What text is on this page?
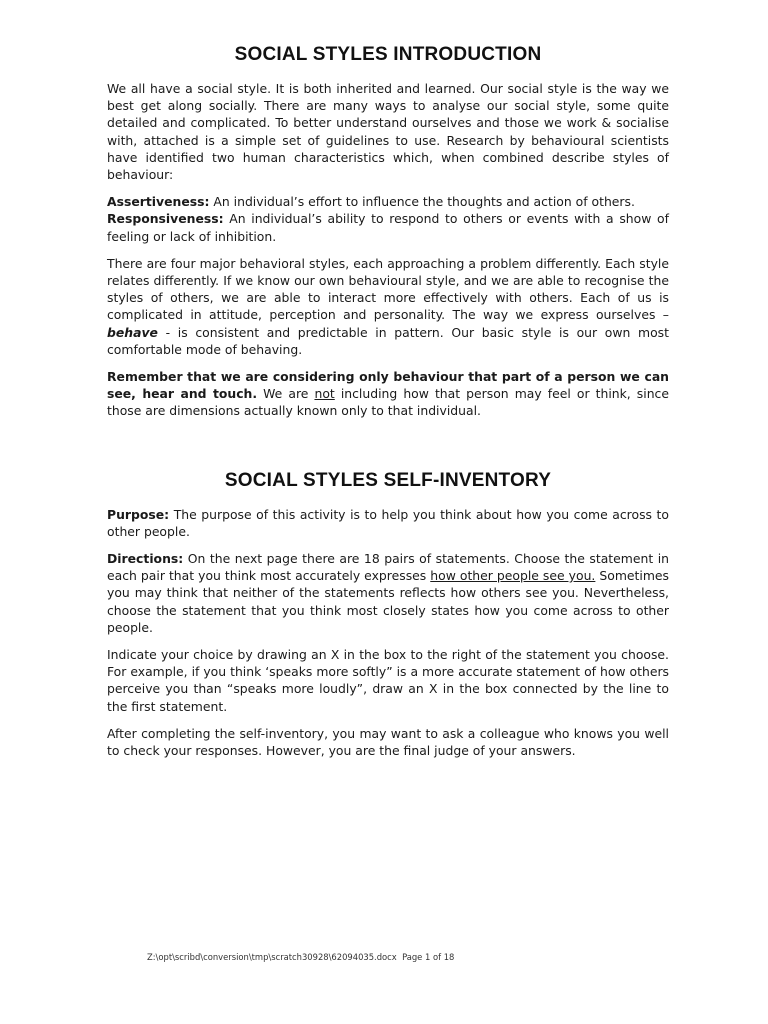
SOCIAL STYLES INTRODUCTION

We all have a social style. It is both inherited and learned. Our social style is the way we best get along socially. There are many ways to analyse our social style, some quite detailed and complicated. To better understand ourselves and those we work & socialise with, attached is a simple set of guidelines to use. Research by behavioural scientists have identified two human characteristics which, when combined describe styles of behaviour:

Assertiveness: An individual’s effort to influence the thoughts and action of others.

Responsiveness: An individual’s ability to respond to others or events with a show of feeling or lack of inhibition.

There are four major behavioral styles, each approaching a problem differently. Each style relates differently. If we know our own behavioural style, and we are able to recognise the styles of others, we are able to interact more effectively with others. Each of us is complicated in attitude, perception and personality. The way we express ourselves – behave - is consistent and predictable in pattern. Our basic style is our own most comfortable mode of behaving.

Remember that we are considering only behaviour that part of a person we can see, hear and touch. We are not including how that person may feel or think, since those are dimensions actually known only to that individual.

SOCIAL STYLES SELF-INVENTORY

Purpose: The purpose of this activity is to help you think about how you come across to other people.

Directions: On the next page there are 18 pairs of statements. Choose the statement in each pair that you think most accurately expresses how other people see you. Sometimes you may think that neither of the statements reflects how others see you. Nevertheless, choose the statement that you think most closely states how you come across to other people.

Indicate your choice by drawing an X in the box to the right of the statement you choose. For example, if you think ‘speaks more softly” is a more accurate statement of how others perceive you than “speaks more loudly”, draw an X in the box connected by the line to the first statement.

After completing the self-inventory, you may want to ask a colleague who knows you well to check your responses. However, you are the final judge of your answers.

Z:\opt\scribd\conversion\tmp\scratch30928\62094035.docx Page 1 of 18
